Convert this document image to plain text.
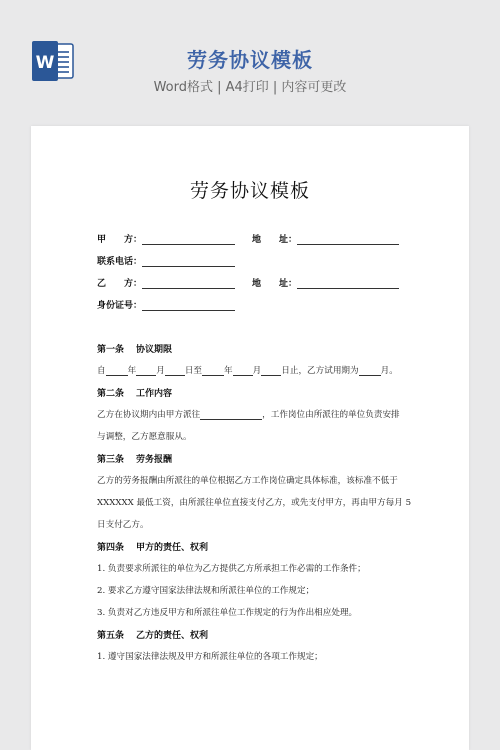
W	劳务协议模板
Word格式 | A4打印 | 内容可更改
劳务协议模板
甲　　方：	地　　址：
联系电话：
乙　　方：	地　　址：
身份证号：
第一条 协议期限
自	年 月 日至	年 月 日止，乙方试用期为	月。
第二条 工作内容
乙方在协议期内由甲方派往	，工作岗位由所派往的单位负责安排
与调整，乙方愿意服从。
第三条 劳务报酬
乙方的劳务报酬由所派往的单位根据乙方工作岗位确定具体标准，该标准不低于
XXXXXX 最低工资，由所派往单位直接支付乙方，或先支付甲方，再由甲方每月 5
日支付乙方。
第四条 甲方的责任、权利
1. 负责要求所派往的单位为乙方提供乙方所承担工作必需的工作条件；
2. 要求乙方遵守国家法律法规和所派往单位的工作规定；
3. 负责对乙方违反甲方和所派往单位工作规定的行为作出相应处理。
第五条 乙方的责任、权利
1. 遵守国家法律法规及甲方和所派往单位的各项工作规定；
